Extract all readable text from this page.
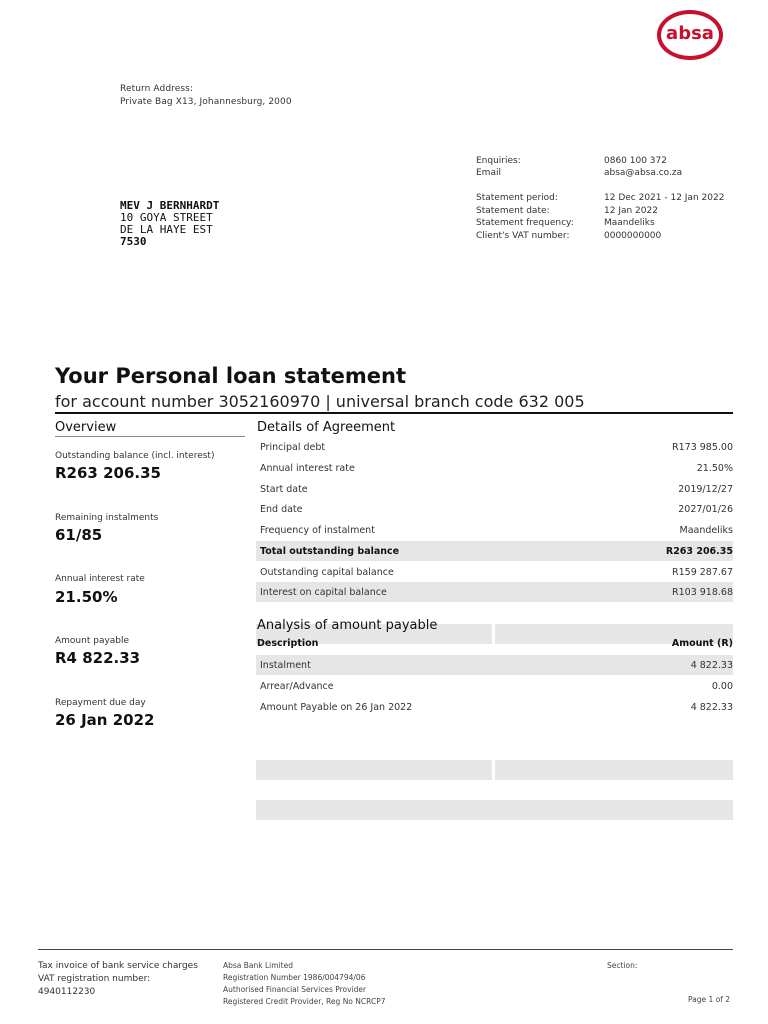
absa
Return Address:
Private Bag X13, Johannesburg, 2000
MEV J BERNHARDT
10 GOYA STREET
DE LA HAYE EST
7530
Enquiries:	0860 100 372
Email	absa@absa.co.za
Statement period:	12 Dec 2021 - 12 Jan 2022
Statement date:	12 Jan 2022
Statement frequency:	Maandeliks
Client's VAT number:	0000000000
Your Personal loan statement
for account number 3052160970 | universal branch code 632 005
Overview
Outstanding balance (incl. interest)
R263 206.35
Remaining instalments
61/85
Annual interest rate
21.50%
Amount payable
R4 822.33
Repayment due day
26 Jan 2022
Details of Agreement
Principal debt	R173 985.00
Annual interest rate	21.50%
Start date	2019/12/27
End date	2027/01/26
Frequency of instalment	Maandeliks
Total outstanding balance	R263 206.35
Outstanding capital balance	R159 287.67
Interest on capital balance	R103 918.68
Analysis of amount payable
Description	Amount (R)
Instalment	4 822.33
Arrear/Advance	0.00
Amount Payable on 26 Jan 2022	4 822.33
Tax invoice of bank service charges
VAT registration number:
4940112230
Absa Bank Limited
Registration Number 1986/004794/06
Authorised Financial Services Provider
Registered Credit Provider, Reg No NCRCP7
Section:
Page 1 of 2
